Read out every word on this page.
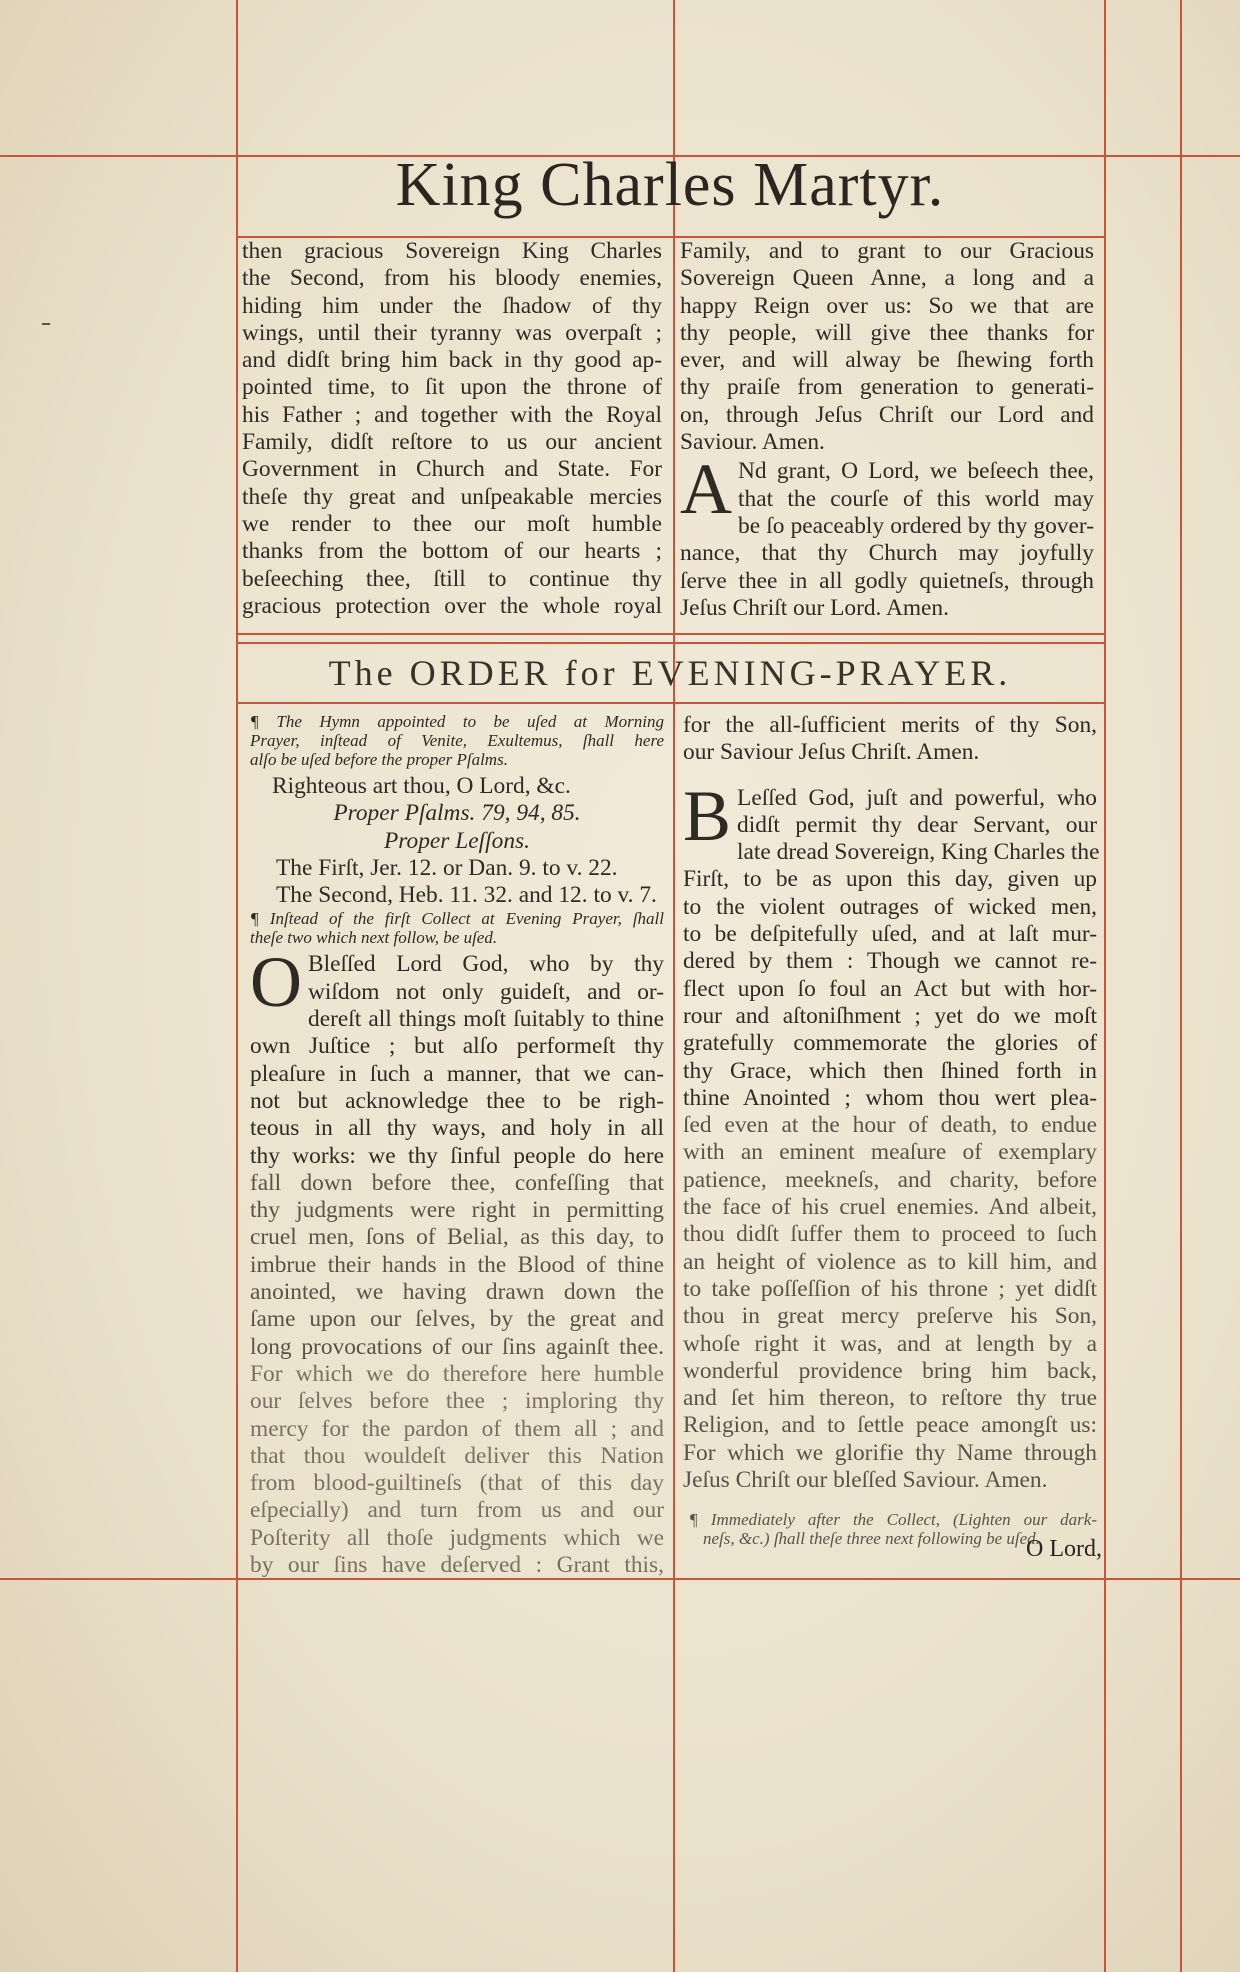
King Charles Martyr.
then gracious Sovereign King Charles
the Second, from his bloody enemies,
hiding him under the ſhadow of thy
wings, until their tyranny was overpaſt ;
and didſt bring him back in thy good ap-
pointed time, to ſit upon the throne of
his Father ; and together with the Royal
Family, didſt reſtore to us our ancient
Government in Church and State. For
theſe thy great and unſpeakable mercies
we render to thee our moſt humble
thanks from the bottom of our hearts ;
beſeeching thee, ſtill to continue thy
gracious protection over the whole royal
Family, and to grant to our Gracious
Sovereign Queen Anne, a long and a
happy Reign over us: So we that are
thy people, will give thee thanks for
ever, and will alway be ſhewing forth
thy praiſe from generation to generati-
on, through Jeſus Chriſt our Lord and
Saviour. Amen.
A Nd grant, O Lord, we beſeech thee,
that the courſe of this world may
be ſo peaceably ordered by thy gover-
nance, that thy Church may joyfully
ſerve thee in all godly quietneſs, through
Jeſus Chriſt our Lord. Amen.
The ORDER for EVENING-PRAYER.
¶ The Hymn appointed to be uſed at Morning
Prayer, inſtead of Venite, Exultemus, ſhall here
alſo be uſed before the proper Pſalms.
Righteous art thou, O Lord, &c.
Proper Pſalms. 79, 94, 85.
Proper Leſſons.
The Firſt, Jer. 12. or Dan. 9. to v. 22.
The Second, Heb. 11. 32. and 12. to v. 7.
¶ Inſtead of the firſt Collect at Evening Prayer, ſhall
theſe two which next follow, be uſed.
O Bleſſed Lord God, who by thy
wiſdom not only guideſt, and or-
dereſt all things moſt ſuitably to thine
own Juſtice ; but alſo performeſt thy
pleaſure in ſuch a manner, that we can-
not but acknowledge thee to be righ-
teous in all thy ways, and holy in all
thy works: we thy ſinful people do here
fall down before thee, confeſſing that
thy judgments were right in permitting
cruel men, ſons of Belial, as this day, to
imbrue their hands in the Blood of thine
anointed, we having drawn down the
ſame upon our ſelves, by the great and
long provocations of our ſins againſt thee.
For which we do therefore here humble
our ſelves before thee ; imploring thy
mercy for the pardon of them all ; and
that thou wouldeſt deliver this Nation
from blood-guiltineſs (that of this day
eſpecially) and turn from us and our
Poſterity all thoſe judgments which we
by our ſins have deſerved : Grant this,
for the all-ſufficient merits of thy Son,
our Saviour Jeſus Chriſt. Amen.
B Leſſed God, juſt and powerful, who
didſt permit thy dear Servant, our
late dread Sovereign, King Charles the
Firſt, to be as upon this day, given up
to the violent outrages of wicked men,
to be deſpitefully uſed, and at laſt mur-
dered by them : Though we cannot re-
flect upon ſo foul an Act but with hor-
rour and aſtoniſhment ; yet do we moſt
gratefully commemorate the glories of
thy Grace, which then ſhined forth in
thine Anointed ; whom thou wert plea-
ſed even at the hour of death, to endue
with an eminent meaſure of exemplary
patience, meekneſs, and charity, before
the face of his cruel enemies. And albeit,
thou didſt ſuffer them to proceed to ſuch
an height of violence as to kill him, and
to take poſſeſſion of his throne ; yet didſt
thou in great mercy preſerve his Son,
whoſe right it was, and at length by a
wonderful providence bring him back,
and ſet him thereon, to reſtore thy true
Religion, and to ſettle peace amongſt us:
For which we glorifie thy Name through
Jeſus Chriſt our bleſſed Saviour. Amen.
¶ Immediately after the Collect, (Lighten our dark-
neſs, &c.) ſhall theſe three next following be uſed.
O Lord,
